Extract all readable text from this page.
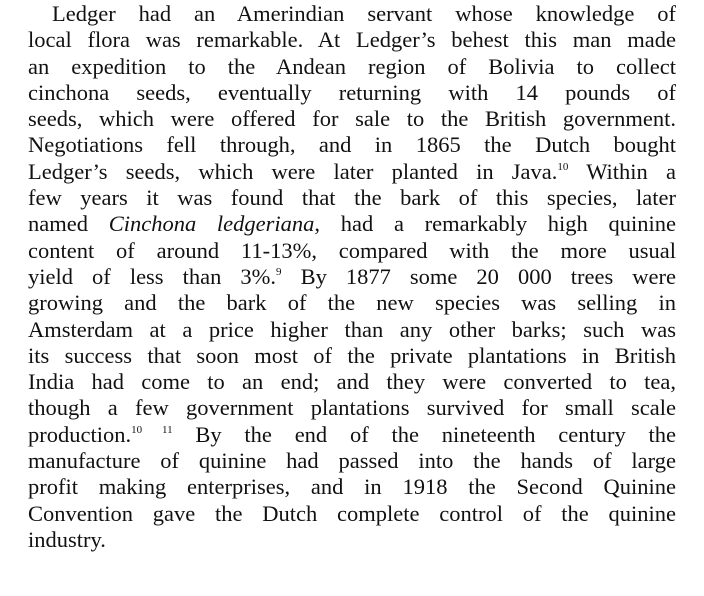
Ledger had an Amerindian servant whose knowledge of
local flora was remarkable. At Ledger’s behest this man made
an expedition to the Andean region of Bolivia to collect
cinchona seeds, eventually returning with 14 pounds of
seeds, which were offered for sale to the British government.
Negotiations fell through, and in 1865 the Dutch bought
Ledger’s seeds, which were later planted in Java.$^{10}$ Within a
few years it was found that the bark of this species, later
named Cinchona ledgeriana, had a remarkably high quinine
content of around 11-13%, compared with the more usual
yield of less than 3%.$^9$ By 1877 some 20 000 trees were
growing and the bark of the new species was selling in
Amsterdam at a price higher than any other barks; such was
its success that soon most of the private plantations in British
India had come to an end; and they were converted to tea,
though a few government plantations survived for small scale
production.$^{10}$ $^{11}$ By the end of the nineteenth century the
manufacture of quinine had passed into the hands of large
profit making enterprises, and in 1918 the Second Quinine
Convention gave the Dutch complete control of the quinine
industry.
